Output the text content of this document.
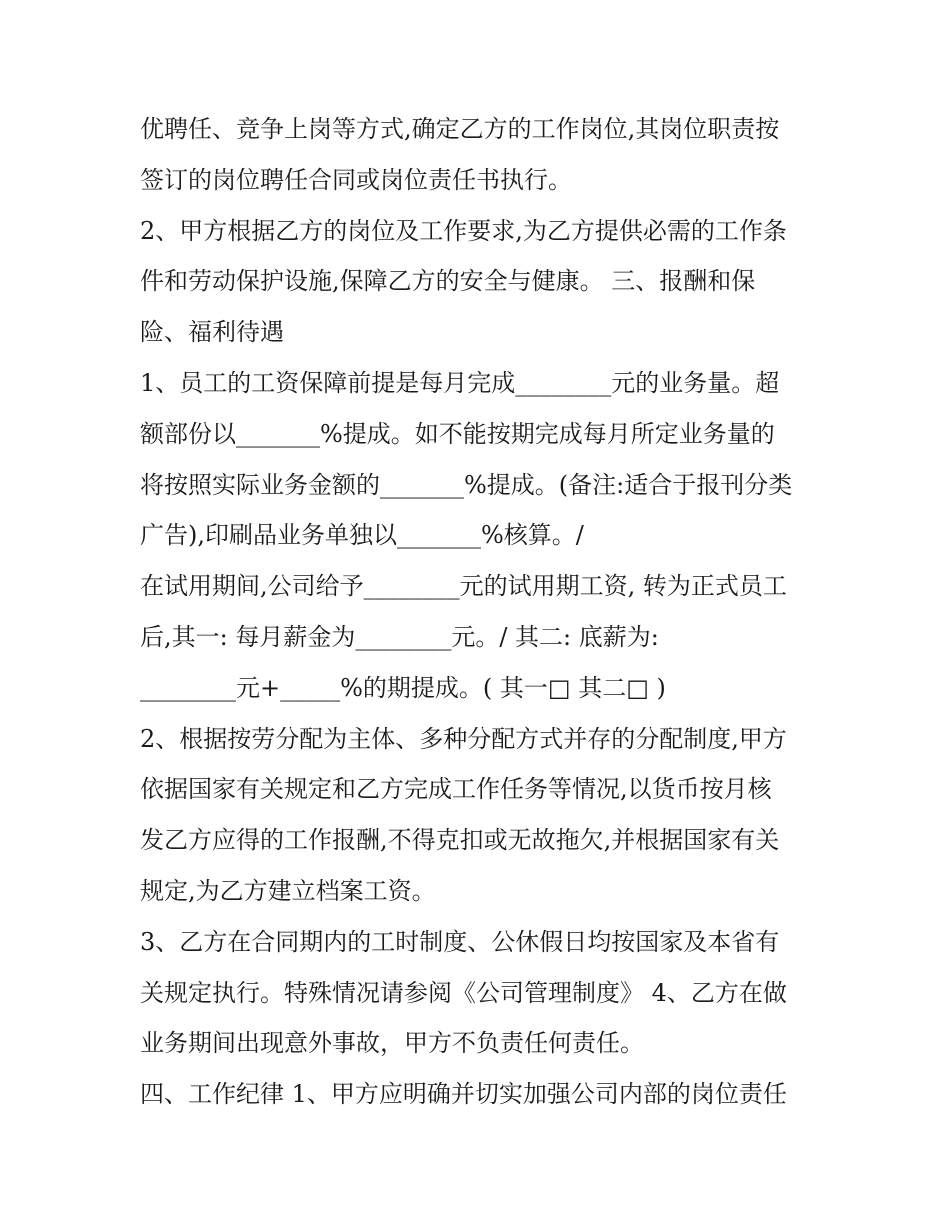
优聘任、竞争上岗等方式,确定乙方的工作岗位,其岗位职责按
签订的岗位聘任合同或岗位责任书执行。
2、甲方根据乙方的岗位及工作要求,为乙方提供必需的工作条
件和劳动保护设施,保障乙方的安全与健康。 三、报酬和保
险、福利待遇
1、员工的工资保障前提是每月完成________元的业务量。超
额部份以_______%提成。如不能按期完成每月所定业务量的
将按照实际业务金额的_______%提成。(备注:适合于报刊分类
广告),印刷品业务单独以_______%核算。/
在试用期间,公司给予________元的试用期工资, 转为正式员工
后,其一: 每月薪金为________元。/ 其二: 底薪为:
________元+_____%的期提成。( 其一□ 其二□ )
2、根据按劳分配为主体、多种分配方式并存的分配制度,甲方
依据国家有关规定和乙方完成工作任务等情况,以货币按月核
发乙方应得的工作报酬,不得克扣或无故拖欠,并根据国家有关
规定,为乙方建立档案工资。
3、乙方在合同期内的工时制度、公休假日均按国家及本省有
关规定执行。特殊情况请参阅《公司管理制度》 4、乙方在做
业务期间出现意外事故，甲方不负责任何责任。
四、工作纪律 1、甲方应明确并切实加强公司内部的岗位责任
